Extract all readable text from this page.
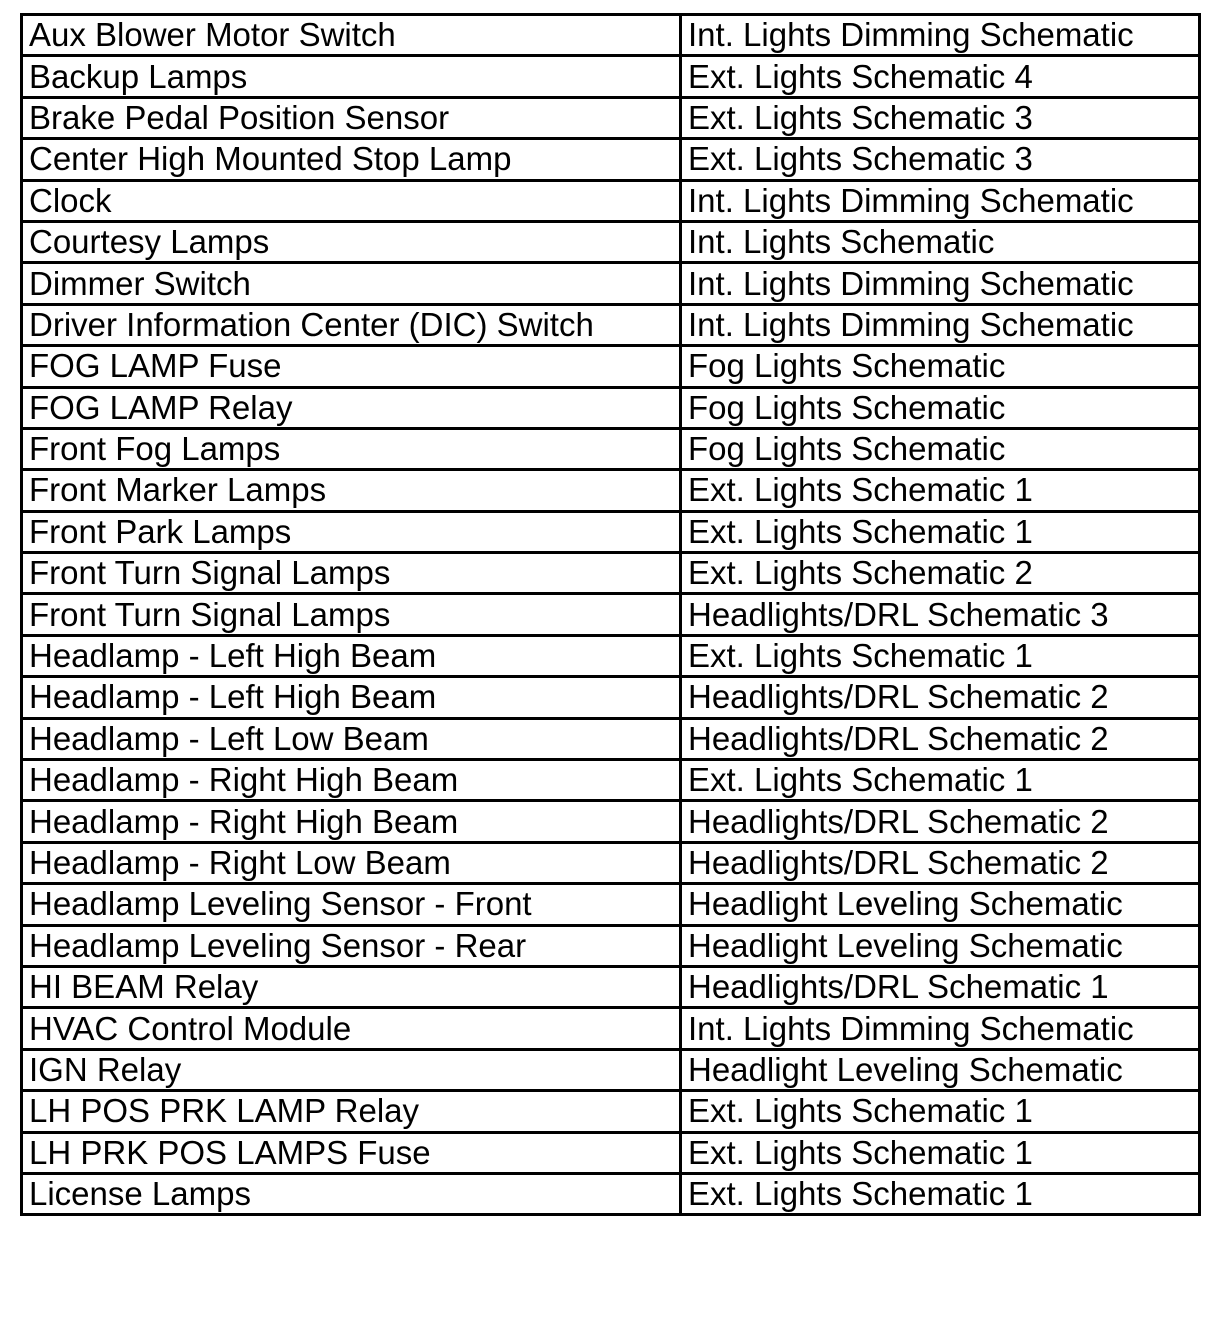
Aux Blower Motor Switch	Int. Lights Dimming Schematic
Backup Lamps	Ext. Lights Schematic 4
Brake Pedal Position Sensor	Ext. Lights Schematic 3
Center High Mounted Stop Lamp	Ext. Lights Schematic 3
Clock	Int. Lights Dimming Schematic
Courtesy Lamps	Int. Lights Schematic
Dimmer Switch	Int. Lights Dimming Schematic
Driver Information Center (DIC) Switch	Int. Lights Dimming Schematic
FOG LAMP Fuse	Fog Lights Schematic
FOG LAMP Relay	Fog Lights Schematic
Front Fog Lamps	Fog Lights Schematic
Front Marker Lamps	Ext. Lights Schematic 1
Front Park Lamps	Ext. Lights Schematic 1
Front Turn Signal Lamps	Ext. Lights Schematic 2
Front Turn Signal Lamps	Headlights/DRL Schematic 3
Headlamp - Left High Beam	Ext. Lights Schematic 1
Headlamp - Left High Beam	Headlights/DRL Schematic 2
Headlamp - Left Low Beam	Headlights/DRL Schematic 2
Headlamp - Right High Beam	Ext. Lights Schematic 1
Headlamp - Right High Beam	Headlights/DRL Schematic 2
Headlamp - Right Low Beam	Headlights/DRL Schematic 2
Headlamp Leveling Sensor - Front	Headlight Leveling Schematic
Headlamp Leveling Sensor - Rear	Headlight Leveling Schematic
HI BEAM Relay	Headlights/DRL Schematic 1
HVAC Control Module	Int. Lights Dimming Schematic
IGN Relay	Headlight Leveling Schematic
LH POS PRK LAMP Relay	Ext. Lights Schematic 1
LH PRK POS LAMPS Fuse	Ext. Lights Schematic 1
License Lamps	Ext. Lights Schematic 1
